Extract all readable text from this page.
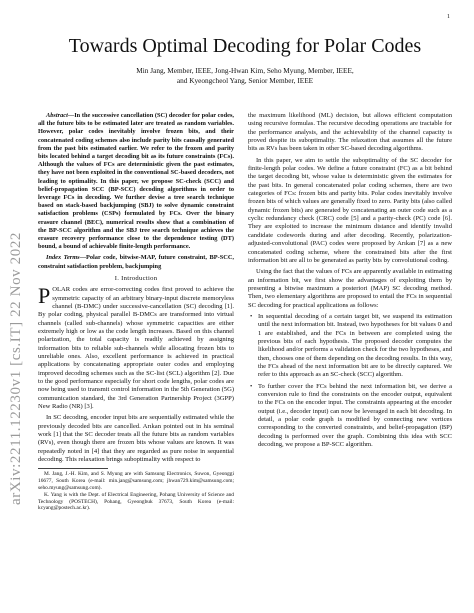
1
arXiv:2211.12230v1 [cs.IT] 22 Nov 2022
Towards Optimal Decoding for Polar Codes
Min Jang, Member, IEEE, Jong-Hwan Kim, Seho Myung, Member, IEEE,
and Kyeongcheol Yang, Senior Member, IEEE

Abstract—In the successive cancellation (SC) decoder for polar codes, all the future bits to be estimated later are treated as random variables. However, polar codes inevitably involve frozen bits, and their concatenated coding schemes also include parity bits causally generated from the past bits estimated earlier. We refer to the frozen and parity bits located behind a target decoding bit as its future constraints (FCs). Although the values of FCs are deterministic given the past estimates, they have not been exploited in the conventional SC-based decoders, not leading to optimality. In this paper, we propose SC-check (SCC) and belief-propagation SCC (BP-SCC) decoding algorithms in order to leverage FCs in decoding. We further devise a tree search technique based on stack-based backjumping (SBJ) to solve dynamic constraint satisfaction problems (CSPs) formulated by FCs. Over the binary erasure channel (BEC), numerical results show that a combination of the BP-SCC algorithm and the SBJ tree search technique achieves the erasure recovery performance close to the dependence testing (DT) bound, a bound of achievable finite-length performance.

Index Terms—Polar code, bitwise-MAP, future constraint, BP-SCC, constraint satisfaction problem, backjumping

I. Introduction

POLAR codes are error-correcting codes first proved to achieve the symmetric capacity of an arbitrary binary-input discrete memoryless channel (B-DMC) under successive-cancellation (SC) decoding [1]. By polar coding, physical parallel B-DMCs are transformed into virtual channels (called sub-channels) whose symmetric capacities are either extremely high or low as the code length increases. Based on this channel polarization, the total capacity is readily achieved by assigning information bits to reliable sub-channels while allocating frozen bits to unreliable ones. Also, excellent performance is achieved in practical applications by concatenating appropriate outer codes and employing improved decoding schemes such as the SC-list (SCL) algorithm [2]. Due to the good performance especially for short code lengths, polar codes are now being used to transmit control information in the 5th Generation (5G) communication standard, the 3rd Generation Partnership Project (3GPP) New Radio (NR) [3].

In SC decoding, encoder input bits are sequentially estimated while the previously decoded bits are cancelled. Arıkan pointed out in his seminal work [1] that the SC decoder treats all the future bits as random variables (RVs), even though there are frozen bits whose values are known. It was repeatedly noted in [4] that they are regarded as pure noise in sequential decoding. This relaxation brings suboptimality with respect to

M. Jang, J.-H. Kim, and S. Myung are with Samsung Electronics, Suwon, Gyeonggi 16677, South Korea (e-mail: min.jang@samsung.com; jhwan729.kim@samsung.com; seho.myung@samsung.com).

K. Yang is with the Dept. of Electrical Engineering, Pohang University of Science and Technology (POSTECH), Pohang, Gyeongbuk 37673, South Korea (e-mail: kcyang@postech.ac.kr).

the maximum likelihood (ML) decision, but allows efficient computation using recursive formulas. The recursive decoding operations are tractable for the performance analysis, and the achievability of the channel capacity is proved despite its suboptimality. The relaxation that assumes all the future bits as RVs has been taken in other SC-based decoding algorithms.

In this paper, we aim to settle the suboptimality of the SC decoder for finite-length polar codes. We define a future constraint (FC) as a bit behind the target decoding bit, whose value is deterministic given the estimates for the past bits. In general concatenated polar coding schemes, there are two categories of FCs: frozen bits and parity bits. Polar codes inevitably involve frozen bits of which values are generally fixed to zero. Parity bits (also called dynamic frozen bits) are generated by concatenating an outer code such as a cyclic redundancy check (CRC) code [5] and a parity-check (PC) code [6]. They are exploited to increase the minimum distance and identify invalid candidate codewords during and after decoding. Recently, polarization-adjusted-convolutional (PAC) codes were proposed by Arıkan [7] as a new concatenated coding scheme, where the constrained bits after the first information bit are all to be generated as parity bits by convolutional coding.

Using the fact that the values of FCs are apparently available in estimating an information bit, we first show the advantages of exploiting them by presenting a bitwise maximum a posteriori (MAP) SC decoding method. Then, two elementary algorithms are proposed to entail the FCs in sequential SC decoding for practical applications as follows:

• In sequential decoding of a certain target bit, we suspend its estimation until the next information bit. Instead, two hypotheses for bit values 0 and 1 are established, and the FCs in between are completed using the previous bits of each hypothesis. The proposed decoder computes the likelihood and/or performs a validation check for the two hypotheses, and then, chooses one of them depending on the decoding results. In this way, the FCs ahead of the next information bit are to be directly captured. We refer to this approach as an SC-check (SCC) algorithm.
• To further cover the FCs behind the next information bit, we derive a conversion rule to find the constraints on the encoder output, equivalent to the FCs on the encoder input. The constraints appearing at the encoder output (i.e., decoder input) can now be leveraged in each bit decoding. In detail, a polar code graph is modified by connecting new vertices corresponding to the converted constraints, and belief-propagation (BP) decoding is performed over the graph. Combining this idea with SCC decoding, we propose a BP-SCC algorithm.
